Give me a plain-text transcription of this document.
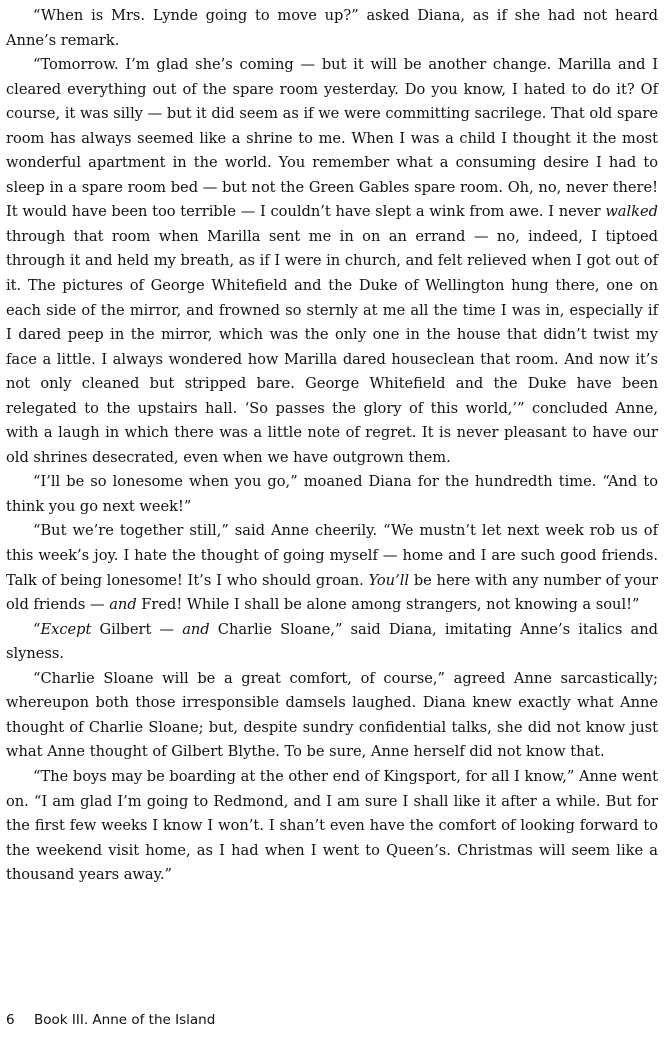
“When is Mrs. Lynde going to move up?” asked Diana, as if she had not heard Anne’s remark.

“Tomorrow. I’m glad she’s coming — but it will be another change. Marilla and I cleared everything out of the spare room yesterday. Do you know, I hated to do it? Of course, it was silly — but it did seem as if we were committing sacrilege. That old spare room has always seemed like a shrine to me. When I was a child I thought it the most wonderful apartment in the world. You remember what a consuming desire I had to sleep in a spare room bed — but not the Green Gables spare room. Oh, no, never there! It would have been too terrible — I couldn’t have slept a wink from awe. I never walked through that room when Marilla sent me in on an errand — no, indeed, I tiptoed through it and held my breath, as if I were in church, and felt relieved when I got out of it. The pictures of George Whitefield and the Duke of Wellington hung there, one on each side of the mirror, and frowned so sternly at me all the time I was in, especially if I dared peep in the mirror, which was the only one in the house that didn’t twist my face a little. I always wondered how Marilla dared houseclean that room. And now it’s not only cleaned but stripped bare. George Whitefield and the Duke have been relegated to the upstairs hall. ‘So passes the glory of this world,’” concluded Anne, with a laugh in which there was a little note of regret. It is never pleasant to have our old shrines desecrated, even when we have outgrown them.

“I’ll be so lonesome when you go,” moaned Diana for the hundredth time. “And to think you go next week!”

“But we’re together still,” said Anne cheerily. “We mustn’t let next week rob us of this week’s joy. I hate the thought of going myself — home and I are such good friends. Talk of being lonesome! It’s I who should groan. You’ll be here with any number of your old friends — and Fred! While I shall be alone among strangers, not knowing a soul!”

“Except Gilbert — and Charlie Sloane,” said Diana, imitating Anne’s italics and slyness.

“Charlie Sloane will be a great comfort, of course,” agreed Anne sarcastically; whereupon both those irresponsible damsels laughed. Diana knew exactly what Anne thought of Charlie Sloane; but, despite sundry confidential talks, she did not know just what Anne thought of Gilbert Blythe. To be sure, Anne herself did not know that.

“The boys may be boarding at the other end of Kingsport, for all I know,” Anne went on. “I am glad I’m going to Redmond, and I am sure I shall like it after a while. But for the first few weeks I know I won’t. I shan’t even have the comfort of looking forward to the weekend visit home, as I had when I went to Queen’s. Christmas will seem like a thousand years away.”

6 Book III. Anne of the Island
